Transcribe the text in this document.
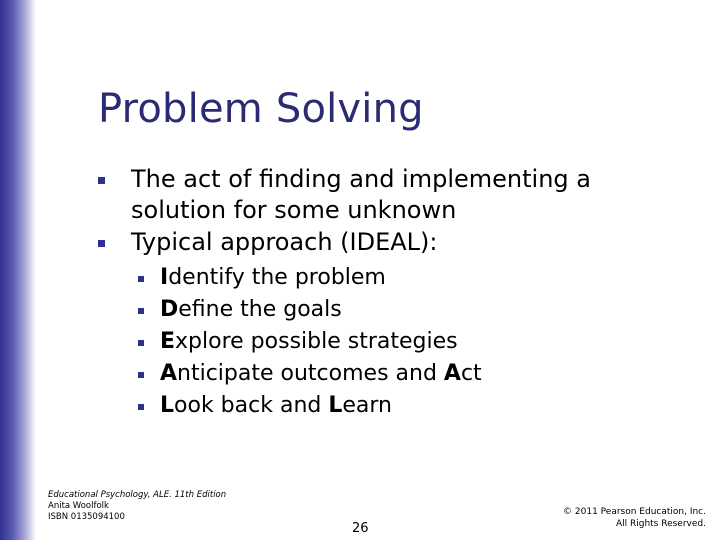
Problem Solving
The act of finding and implementing a solution for some unknown
Typical approach (IDEAL):
Identify the problem
Define the goals
Explore possible strategies
Anticipate outcomes and Act
Look back and Learn
Educational Psychology, ALE. 11th Edition
Anita Woolfolk
ISBN 0135094100
26
© 2011 Pearson Education, Inc.
All Rights Reserved.
